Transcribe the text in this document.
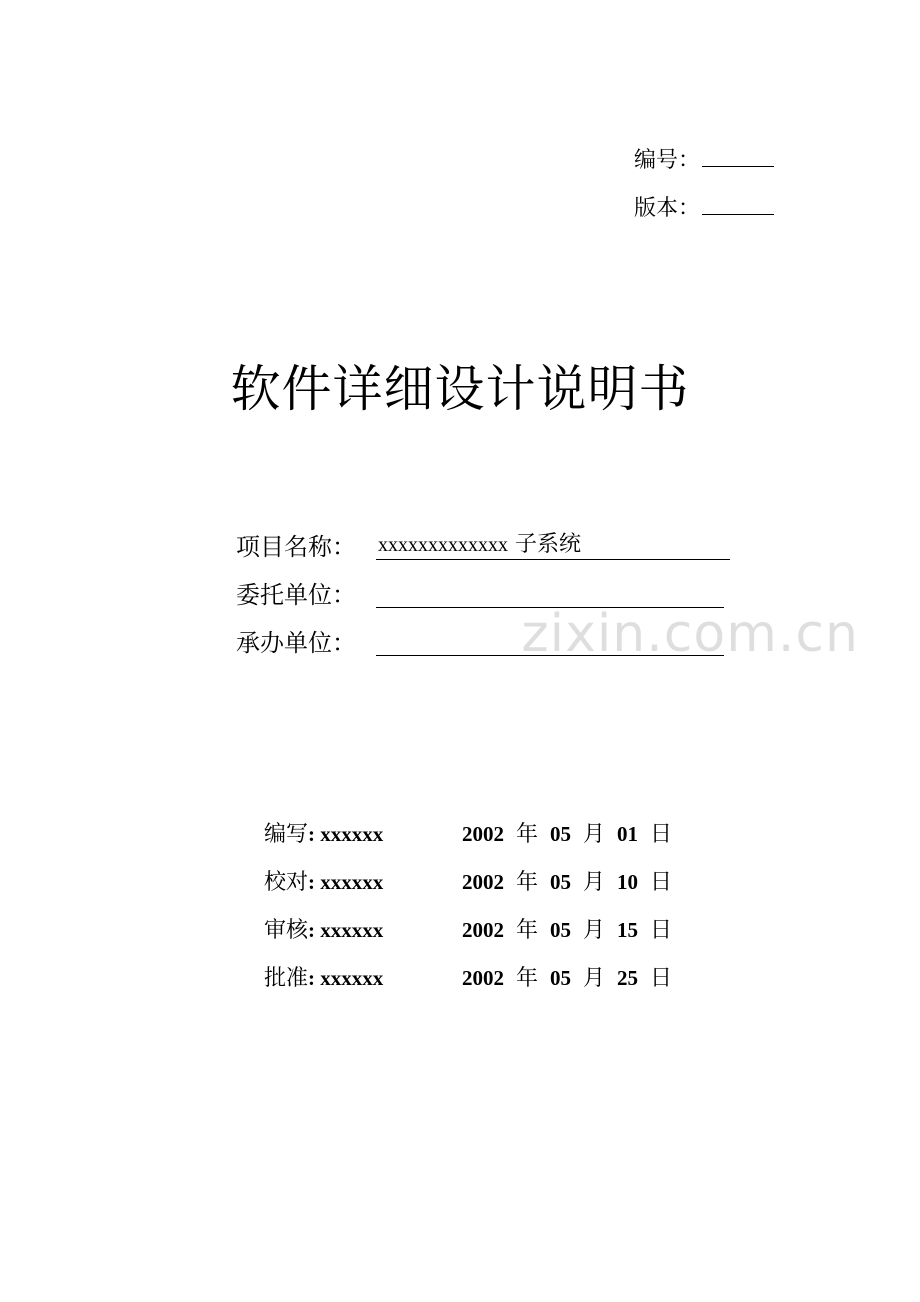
编号：
版本：
软件详细设计说明书
项目名称： xxxxxxxxxxxxx 子系统
委托单位：
承办单位：	zixin.com.cn
编写: xxxxxx	2002 年 05 月 01 日
校对: xxxxxx	2002 年 05 月 10 日
审核: xxxxxx	2002 年 05 月 15 日
批准: xxxxxx	2002 年 05 月 25 日
